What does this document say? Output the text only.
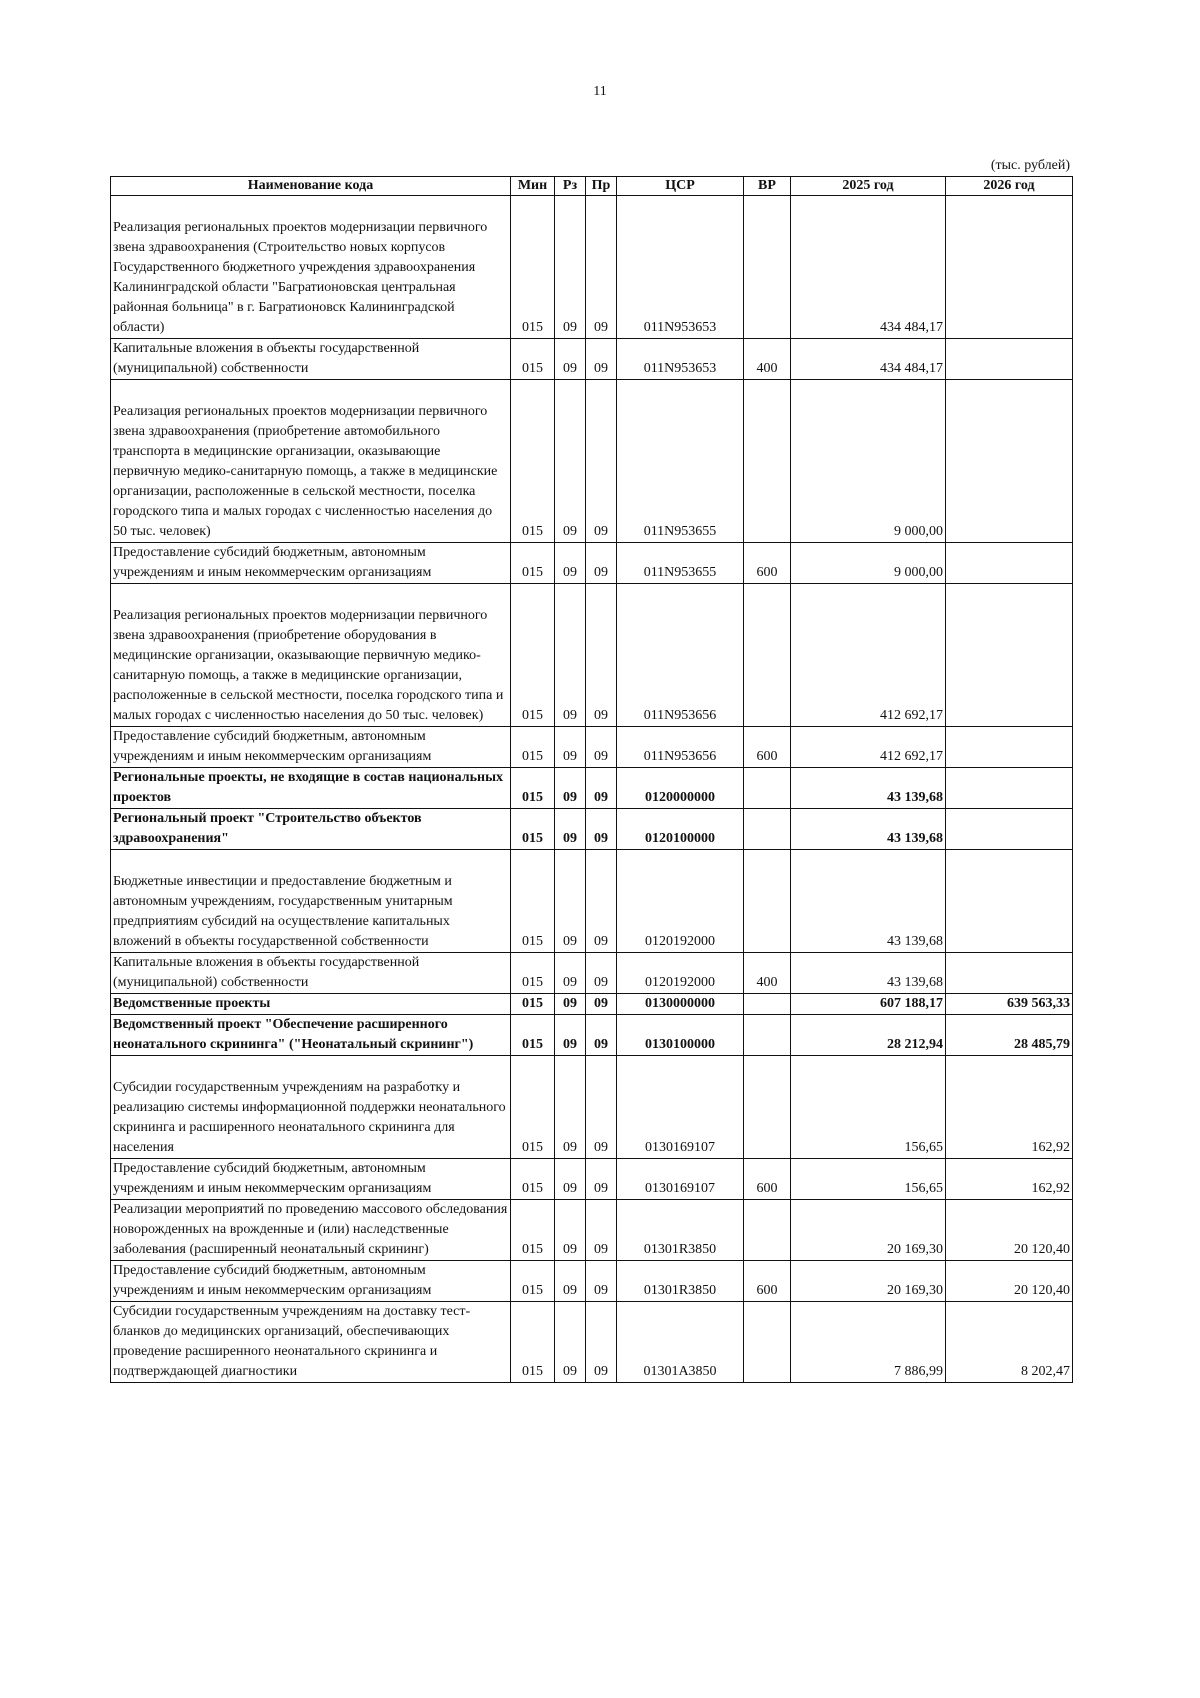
11
(тыс. рублей)
Наименование кода	Мин	Рз	Пр	ЦСР	ВР	2025 год	2026 год
Реализация региональных проектов модернизации первичного звена здравоохранения (Строительство новых корпусов Государственного бюджетного учреждения здравоохранения Калининградской области "Багратионовская центральная районная больница" в г. Багратионовск Калининградской области)	015	09	09	011N953653		434 484,17	
Капитальные вложения в объекты государственной (муниципальной) собственности	015	09	09	011N953653	400	434 484,17	
Реализация региональных проектов модернизации первичного звена здравоохранения (приобретение автомобильного транспорта в медицинские организации, оказывающие первичную медико-санитарную помощь, а также в медицинские организации, расположенные в сельской местности, поселка городского типа и малых городах с численностью населения до 50 тыс. человек)	015	09	09	011N953655		9 000,00	
Предоставление субсидий бюджетным, автономным учреждениям и иным некоммерческим организациям	015	09	09	011N953655	600	9 000,00	
Реализация региональных проектов модернизации первичного звена здравоохранения (приобретение оборудования в медицинские организации, оказывающие первичную медико-санитарную помощь, а также в медицинские организации, расположенные в сельской местности, поселка городского типа и малых городах с численностью населения до 50 тыс. человек)	015	09	09	011N953656		412 692,17	
Предоставление субсидий бюджетным, автономным учреждениям и иным некоммерческим организациям	015	09	09	011N953656	600	412 692,17	
Региональные проекты, не входящие в состав национальных проектов	015	09	09	0120000000		43 139,68	
Региональный проект "Строительство объектов здравоохранения"	015	09	09	0120100000		43 139,68	
Бюджетные инвестиции и предоставление бюджетным и автономным учреждениям, государственным унитарным предприятиям субсидий на осуществление капитальных вложений в объекты государственной собственности	015	09	09	0120192000		43 139,68	
Капитальные вложения в объекты государственной (муниципальной) собственности	015	09	09	0120192000	400	43 139,68	
Ведомственные проекты	015	09	09	0130000000		607 188,17	639 563,33
Ведомственный проект "Обеспечение расширенного неонатального скрининга" ("Неонатальный скрининг")	015	09	09	0130100000		28 212,94	28 485,79
Субсидии государственным учреждениям на разработку и реализацию системы информационной поддержки неонатального скрининга и расширенного неонатального скрининга для населения	015	09	09	0130169107		156,65	162,92
Предоставление субсидий бюджетным, автономным учреждениям и иным некоммерческим организациям	015	09	09	0130169107	600	156,65	162,92
Реализации мероприятий по проведению массового обследования новорожденных на врожденные и (или) наследственные заболевания (расширенный неонатальный скрининг)	015	09	09	01301R3850		20 169,30	20 120,40
Предоставление субсидий бюджетным, автономным учреждениям и иным некоммерческим организациям	015	09	09	01301R3850	600	20 169,30	20 120,40
Субсидии государственным учреждениям на доставку тест-бланков до медицинских организаций, обеспечивающих проведение расширенного неонатального скрининга и подтверждающей диагностики	015	09	09	01301A3850		7 886,99	8 202,47
